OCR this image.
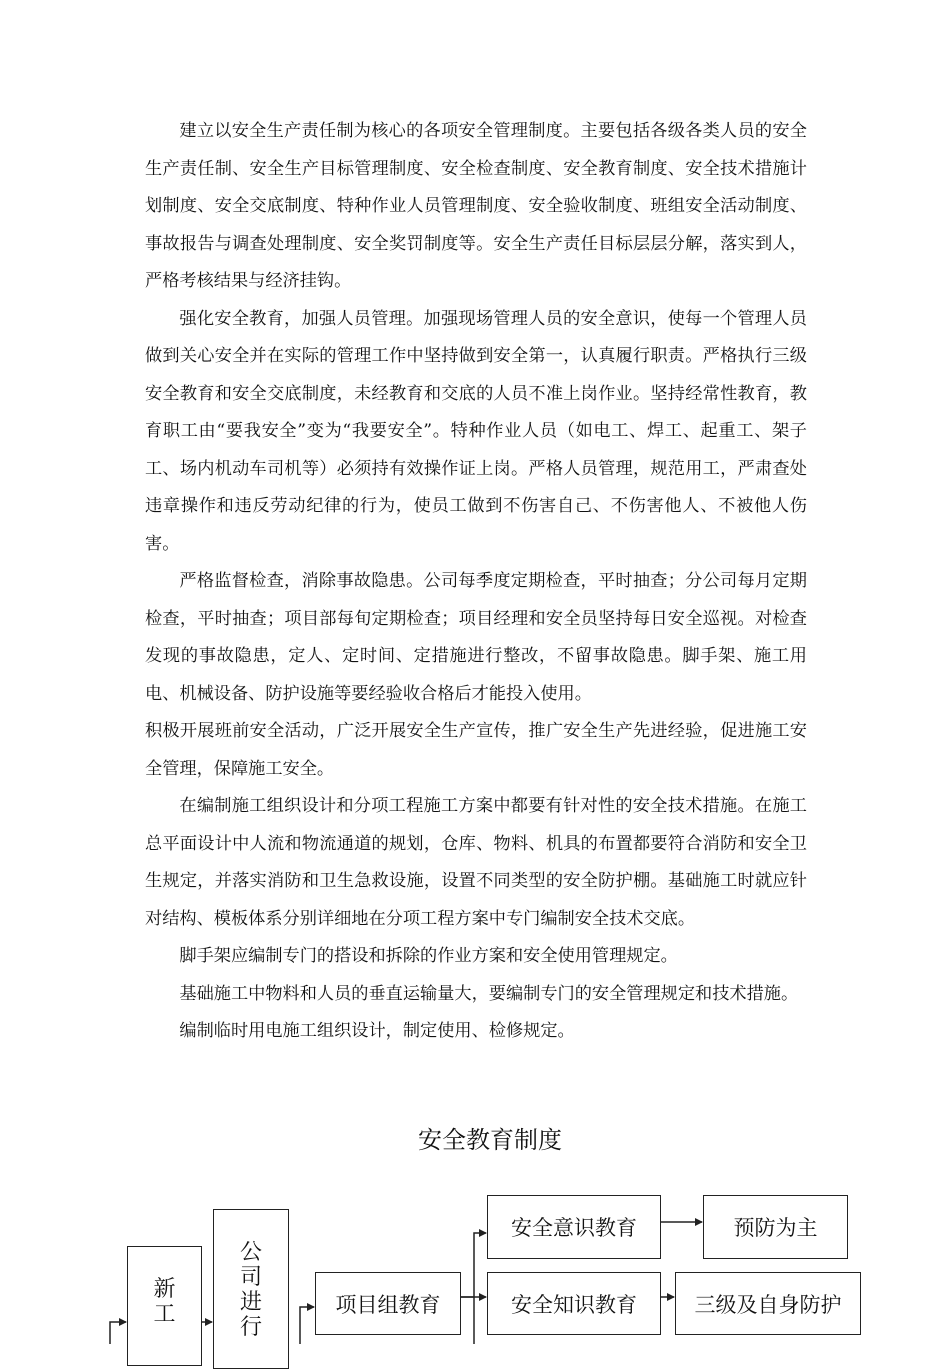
建立以安全生产责任制为核心的各项安全管理制度。主要包括各级各类人员的安全生产责任制、安全生产目标管理制度、安全检查制度、安全教育制度、安全技术措施计划制度、安全交底制度、特种作业人员管理制度、安全验收制度、班组安全活动制度、事故报告与调查处理制度、安全奖罚制度等。安全生产责任目标层层分解，落实到人，严格考核结果与经济挂钩。

强化安全教育，加强人员管理。加强现场管理人员的安全意识，使每一个管理人员做到关心安全并在实际的管理工作中坚持做到安全第一，认真履行职责。严格执行三级安全教育和安全交底制度，未经教育和交底的人员不准上岗作业。坚持经常性教育，教育职工由“要我安全”变为“我要安全”。特种作业人员（如电工、焊工、起重工、架子工、场内机动车司机等）必须持有效操作证上岗。严格人员管理，规范用工，严肃查处违章操作和违反劳动纪律的行为，使员工做到不伤害自己、不伤害他人、不被他人伤害。

严格监督检查，消除事故隐患。公司每季度定期检查，平时抽查；分公司每月定期检查，平时抽查；项目部每旬定期检查；项目经理和安全员坚持每日安全巡视。对检查发现的事故隐患，定人、定时间、定措施进行整改，不留事故隐患。脚手架、施工用电、机械设备、防护设施等要经验收合格后才能投入使用。

积极开展班前安全活动，广泛开展安全生产宣传，推广安全生产先进经验，促进施工安全管理，保障施工安全。

在编制施工组织设计和分项工程施工方案中都要有针对性的安全技术措施。在施工总平面设计中人流和物流通道的规划，仓库、物料、机具的布置都要符合消防和安全卫生规定，并落实消防和卫生急救设施，设置不同类型的安全防护棚。基础施工时就应针对结构、模板体系分别详细地在分项工程方案中专门编制安全技术交底。

脚手架应编制专门的搭设和拆除的作业方案和安全使用管理规定。

基础施工中物料和人员的垂直运输量大，要编制专门的安全管理规定和技术措施。

编制临时用电施工组织设计，制定使用、检修规定。

安全教育制度
新工
公司进行
项目组教育
安全意识教育	预防为主
安全知识教育	三级及自身防护
